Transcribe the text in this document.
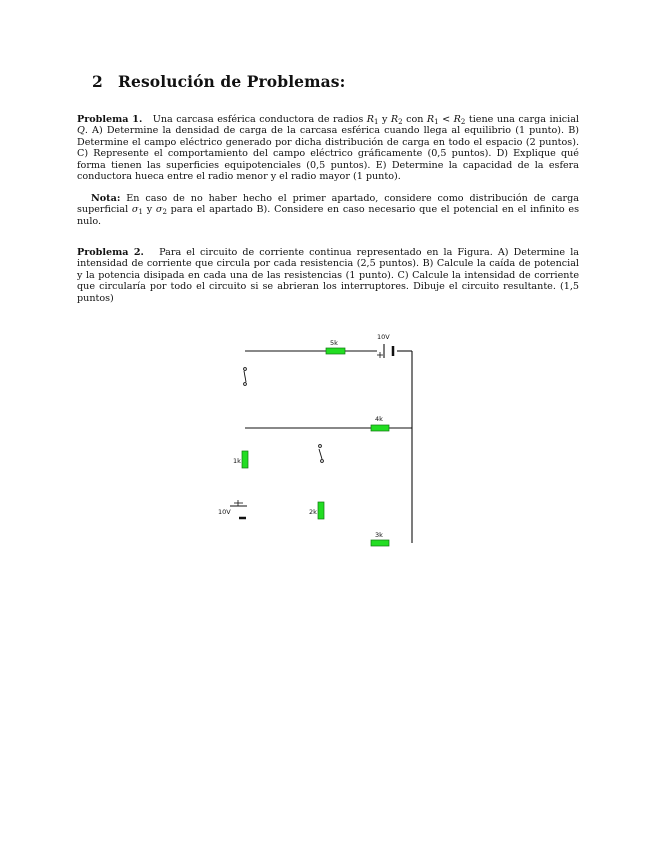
2 Resolución de Problemas:

Problema 1. Una carcasa esférica conductora de radios $R_1$ y $R_2$ con $R_1 < R_2$ tiene una carga inicial Q. A) Determine la densidad de carga de la carcasa esférica cuando llega al equilibrio (1 punto). B) Determine el campo eléctrico generado por dicha distribución de carga en todo el espacio (2 puntos). C) Represente el comportamiento del campo eléctrico gráficamente (0,5 puntos). D) Explique qué forma tienen las superficies equipotenciales (0,5 puntos). E) Determine la capacidad de la esfera conductora hueca entre el radio menor y el radio mayor (1 punto).

Nota: En caso de no haber hecho el primer apartado, considere como distribución de carga superficial $\sigma_1$ y $\sigma_2$ para el apartado B). Considere en caso necesario que el potencial en el infinito es nulo.

Problema 2. Para el circuito de corriente continua representado en la Figura. A) Determine la intensidad de corriente que circula por cada resistencia (2,5 puntos). B) Calcule la caída de potencial y la potencia disipada en cada una de las resistencias (1 punto). C) Calcule la intensidad de corriente que circularía por todo el circuito si se abrieran los interruptores. Dibuje el circuito resultante. (1,5 puntos)

5k
10V
4k
1k
10V	2k
3k
